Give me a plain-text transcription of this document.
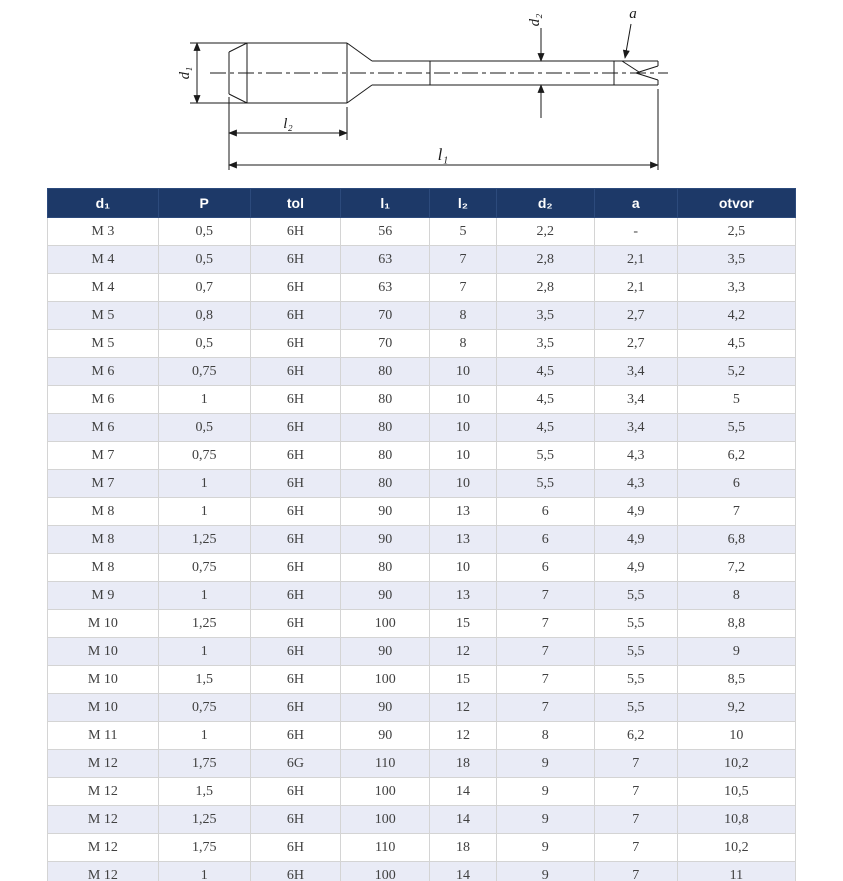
d₁
l₂
l₁
d₂	a
d₁	P	tol	l₁	l₂	d₂	a	otvor
M 3	0,5	6H	56	5	2,2	-	2,5
M 4	0,5	6H	63	7	2,8	2,1	3,5
M 4	0,7	6H	63	7	2,8	2,1	3,3
M 5	0,8	6H	70	8	3,5	2,7	4,2
M 5	0,5	6H	70	8	3,5	2,7	4,5
M 6	0,75	6H	80	10	4,5	3,4	5,2
M 6	1	6H	80	10	4,5	3,4	5
M 6	0,5	6H	80	10	4,5	3,4	5,5
M 7	0,75	6H	80	10	5,5	4,3	6,2
M 7	1	6H	80	10	5,5	4,3	6
M 8	1	6H	90	13	6	4,9	7
M 8	1,25	6H	90	13	6	4,9	6,8
M 8	0,75	6H	80	10	6	4,9	7,2
M 9	1	6H	90	13	7	5,5	8
M 10	1,25	6H	100	15	7	5,5	8,8
M 10	1	6H	90	12	7	5,5	9
M 10	1,5	6H	100	15	7	5,5	8,5
M 10	0,75	6H	90	12	7	5,5	9,2
M 11	1	6H	90	12	8	6,2	10
M 12	1,75	6G	110	18	9	7	10,2
M 12	1,5	6H	100	14	9	7	10,5
M 12	1,25	6H	100	14	9	7	10,8
M 12	1,75	6H	110	18	9	7	10,2
M 12	1	6H	100	14	9	7	11
